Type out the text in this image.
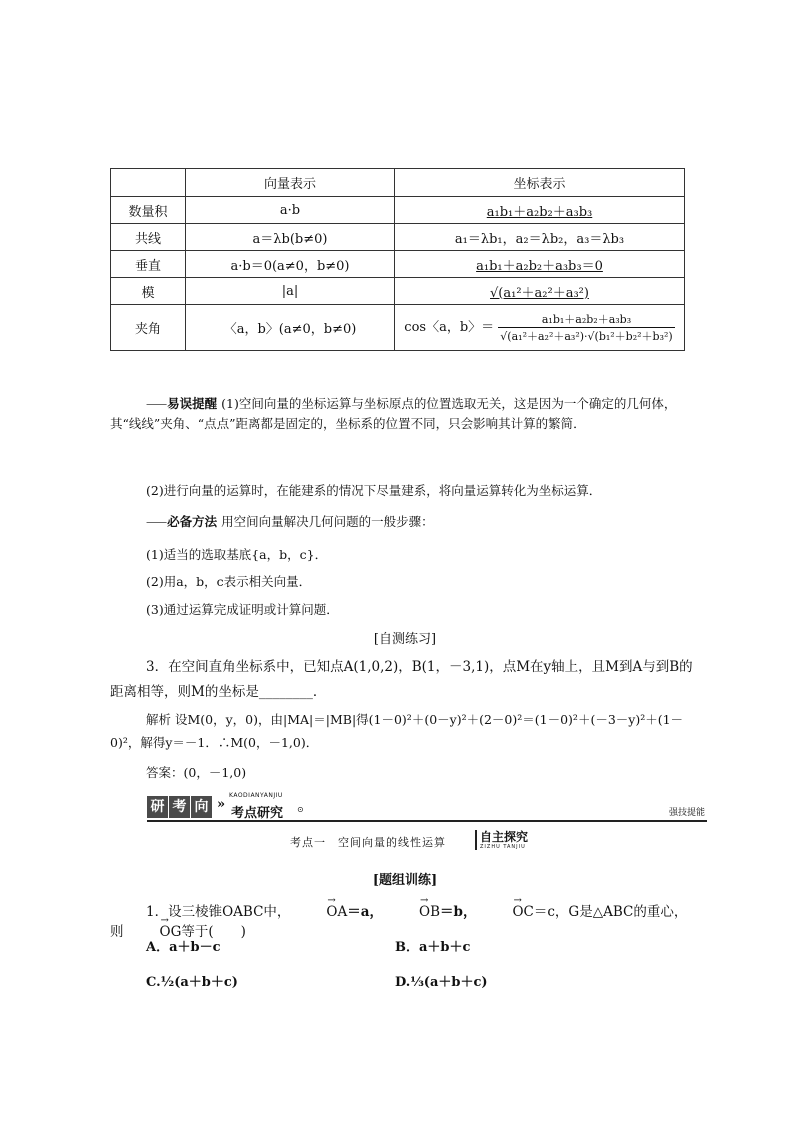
	向量表示	坐标表示
数量积	a·b	a₁b₁＋a₂b₂＋a₃b₃
共线	a＝λb(b≠0)	a₁＝λb₁，a₂＝λb₂，a₃＝λb₃
垂直	a·b＝0(a≠0，b≠0)	a₁b₁＋a₂b₂＋a₃b₃＝0
模	|a|	√(a₁²＋a₂²＋a₃²)
夹角	〈a，b〉(a≠0，b≠0)	cos〈a，b〉＝ $\frac{\text{a₁b₁＋a₂b₂＋a₃b₃}}{\text{√(a₁²＋a₂²＋a₃²)·√(b₁²＋b₂²＋b₃²)}}$
⸺易误提醒 (1)空间向量的坐标运算与坐标原点的位置选取无关，这是因为一个确定的几何体，其“线线”夹角、“点点”距离都是固定的，坐标系的位置不同，只会影响其计算的繁简．
(2)进行向量的运算时，在能建系的情况下尽量建系，将向量运算转化为坐标运算．
⸺必备方法 用空间向量解决几何问题的一般步骤：
(1)适当的选取基底{a，b，c}．
(2)用a，b，c表示相关向量．
(3)通过运算完成证明或计算问题．
[自测练习]
3．在空间直角坐标系中，已知点A(1,0,2)，B(1，－3,1)，点M在y轴上，且M到A与到B的距离相等，则M的坐标是________．
解析 设M(0，y，0)，由|MA|＝|MB|得(1－0)²＋(0－y)²＋(2－0)²＝(1－0)²＋(－3－y)²＋(1－0)²，解得y＝－1．∴M(0，－1,0)．
答案：(0，－1,0)
研 考 向 »
KAODIANYANJIU
考点研究 ⊙	强技提能
考点一　空间向量的线性运算	自主探究
ZIZHU TANJIU
[题组训练]
1．设三棱锥OABC中，	→ OA＝a，	→ OB＝b，	→ OC＝c，G是△ABC的重心，则	→ OG等于(　　)
A．a＋b－c	B．a＋b＋c
C.½(a＋b＋c)	D.⅓(a＋b＋c)
